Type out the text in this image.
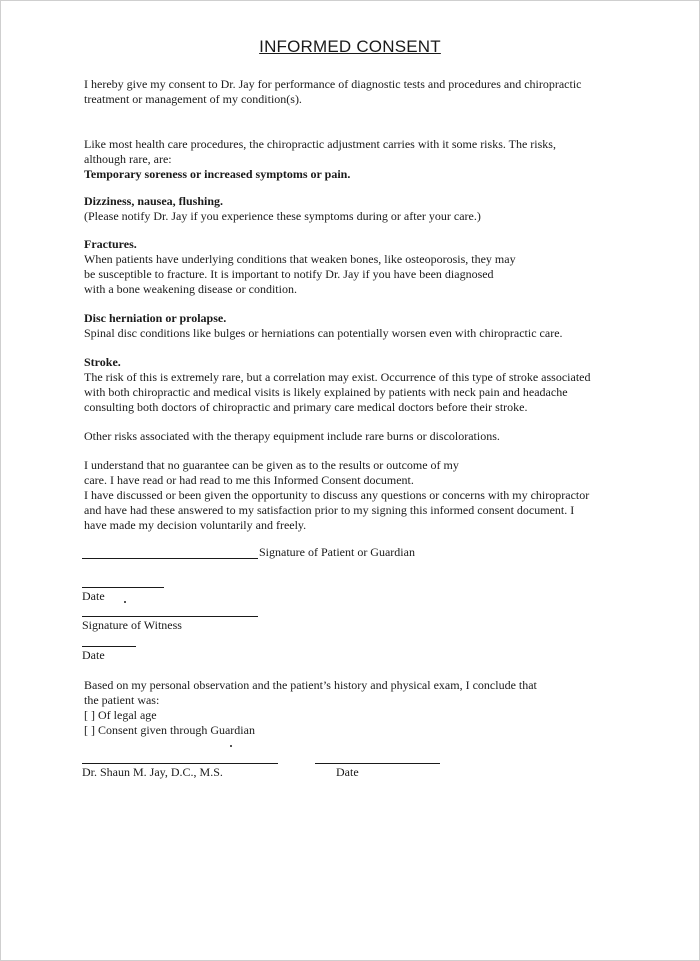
INFORMED CONSENT
I hereby give my consent to Dr. Jay for performance of diagnostic tests and procedures and chiropractic
treatment or management of my condition(s).
Like most health care procedures, the chiropractic adjustment carries with it some risks. The risks,
although rare, are:
Temporary soreness or increased symptoms or pain.
Dizziness, nausea, flushing.
(Please notify Dr. Jay if you experience these symptoms during or after your care.)
Fractures.
When patients have underlying conditions that weaken bones, like osteoporosis, they may
be susceptible to fracture. It is important to notify Dr. Jay if you have been diagnosed
with a bone weakening disease or condition.
Disc herniation or prolapse.
Spinal disc conditions like bulges or herniations can potentially worsen even with chiropractic care.
Stroke.
The risk of this is extremely rare, but a correlation may exist. Occurrence of this type of stroke associated
with both chiropractic and medical visits is likely explained by patients with neck pain and headache
consulting both doctors of chiropractic and primary care medical doctors before their stroke.
Other risks associated with the therapy equipment include rare burns or discolorations.
I understand that no guarantee can be given as to the results or outcome of my
care. I have read or had read to me this Informed Consent document.
I have discussed or been given the opportunity to discuss any questions or concerns with my chiropractor
and have had these answered to my satisfaction prior to my signing this informed consent document. I
have made my decision voluntarily and freely.
Signature of Patient or Guardian
Date
Signature of Witness
Date
Based on my personal observation and the patient’s history and physical exam, I conclude that
the patient was:
[ ] Of legal age
[ ] Consent given through Guardian
Dr. Shaun M. Jay, D.C., M.S.	Date
